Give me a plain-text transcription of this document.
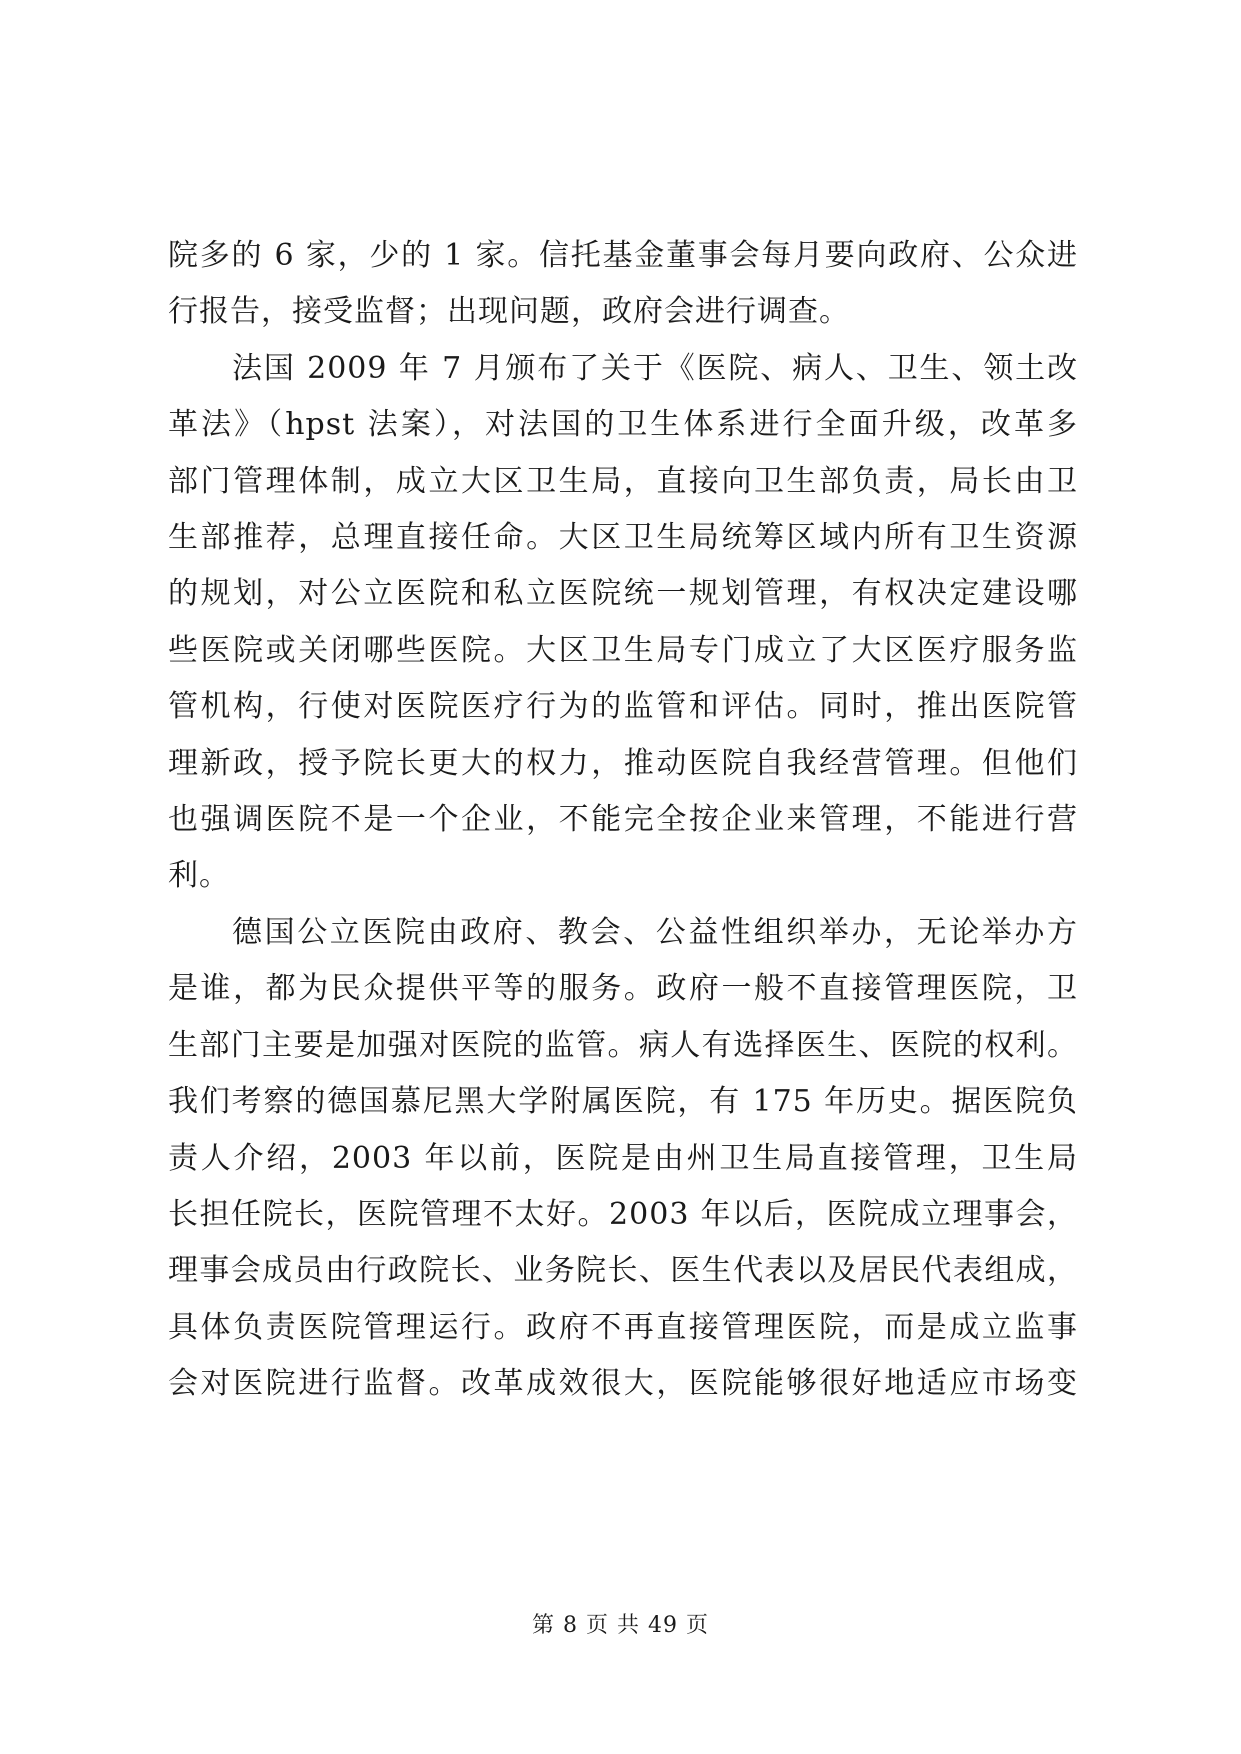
院多的 6 家，少的 1 家。信托基金董事会每月要向政府、公众进
行报告，接受监督；出现问题，政府会进行调查。

法国 2009 年 7 月颁布了关于《医院、病人、卫生、领土改
革法》（hpst 法案），对法国的卫生体系进行全面升级，改革多
部门管理体制，成立大区卫生局，直接向卫生部负责，局长由卫
生部推荐，总理直接任命。大区卫生局统筹区域内所有卫生资源
的规划，对公立医院和私立医院统一规划管理，有权决定建设哪
些医院或关闭哪些医院。大区卫生局专门成立了大区医疗服务监
管机构，行使对医院医疗行为的监管和评估。同时，推出医院管
理新政，授予院长更大的权力，推动医院自我经营管理。但他们
也强调医院不是一个企业，不能完全按企业来管理，不能进行营
利。

德国公立医院由政府、教会、公益性组织举办，无论举办方
是谁，都为民众提供平等的服务。政府一般不直接管理医院，卫
生部门主要是加强对医院的监管。病人有选择医生、医院的权利。
我们考察的德国慕尼黑大学附属医院，有 175 年历史。据医院负
责人介绍，2003 年以前，医院是由州卫生局直接管理，卫生局
长担任院长，医院管理不太好。2003 年以后，医院成立理事会，
理事会成员由行政院长、业务院长、医生代表以及居民代表组成，
具体负责医院管理运行。政府不再直接管理医院，而是成立监事
会对医院进行监督。改革成效很大，医院能够很好地适应市场变

第 8 页 共 49 页
